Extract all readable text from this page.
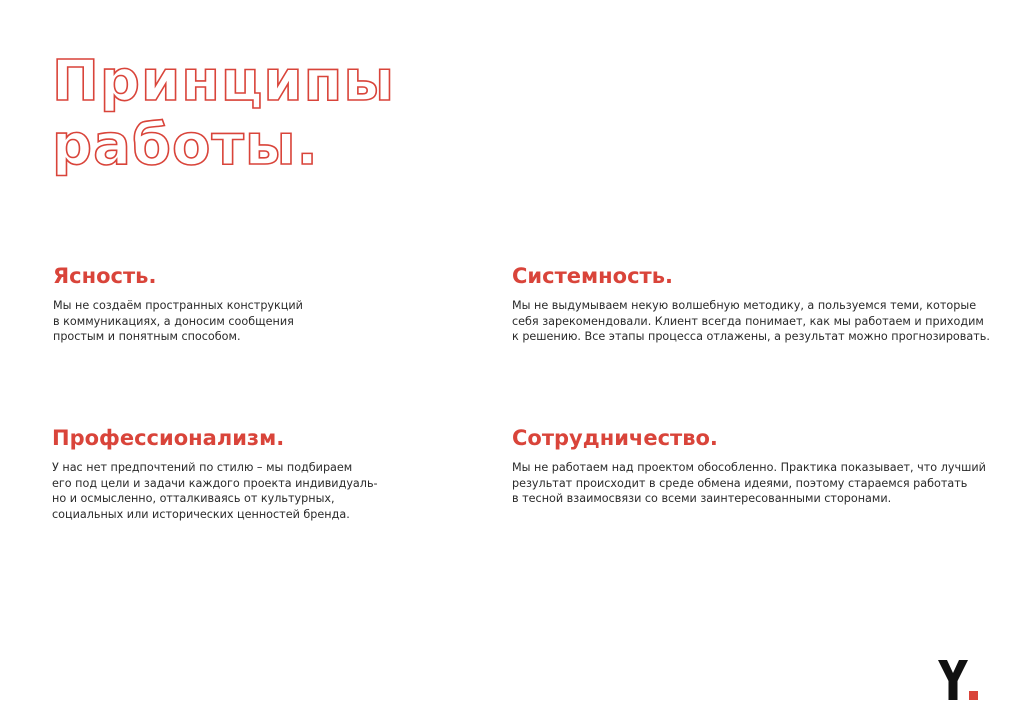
Принципы
работы.
Ясность.

Мы не создаём пространных конструкций
в коммуникациях, а доносим сообщения
простым и понятным способом.

Системность.

Мы не выдумываем некую волшебную методику, а пользуемся теми, которые
себя зарекомендовали. Клиент всегда понимает, как мы работаем и приходим
к решению. Все этапы процесса отлажены, а результат можно прогнозировать.

Профессионализм.

У нас нет предпочтений по стилю – мы подбираем
его под цели и задачи каждого проекта индивидуаль-
но и осмысленно, отталкиваясь от культурных,
социальных или исторических ценностей бренда.

Сотрудничество.

Мы не работаем над проектом обособленно. Практика показывает, что лучший
результат происходит в среде обмена идеями, поэтому стараемся работать
в тесной взаимосвязи со всеми заинтересованными сторонами.
